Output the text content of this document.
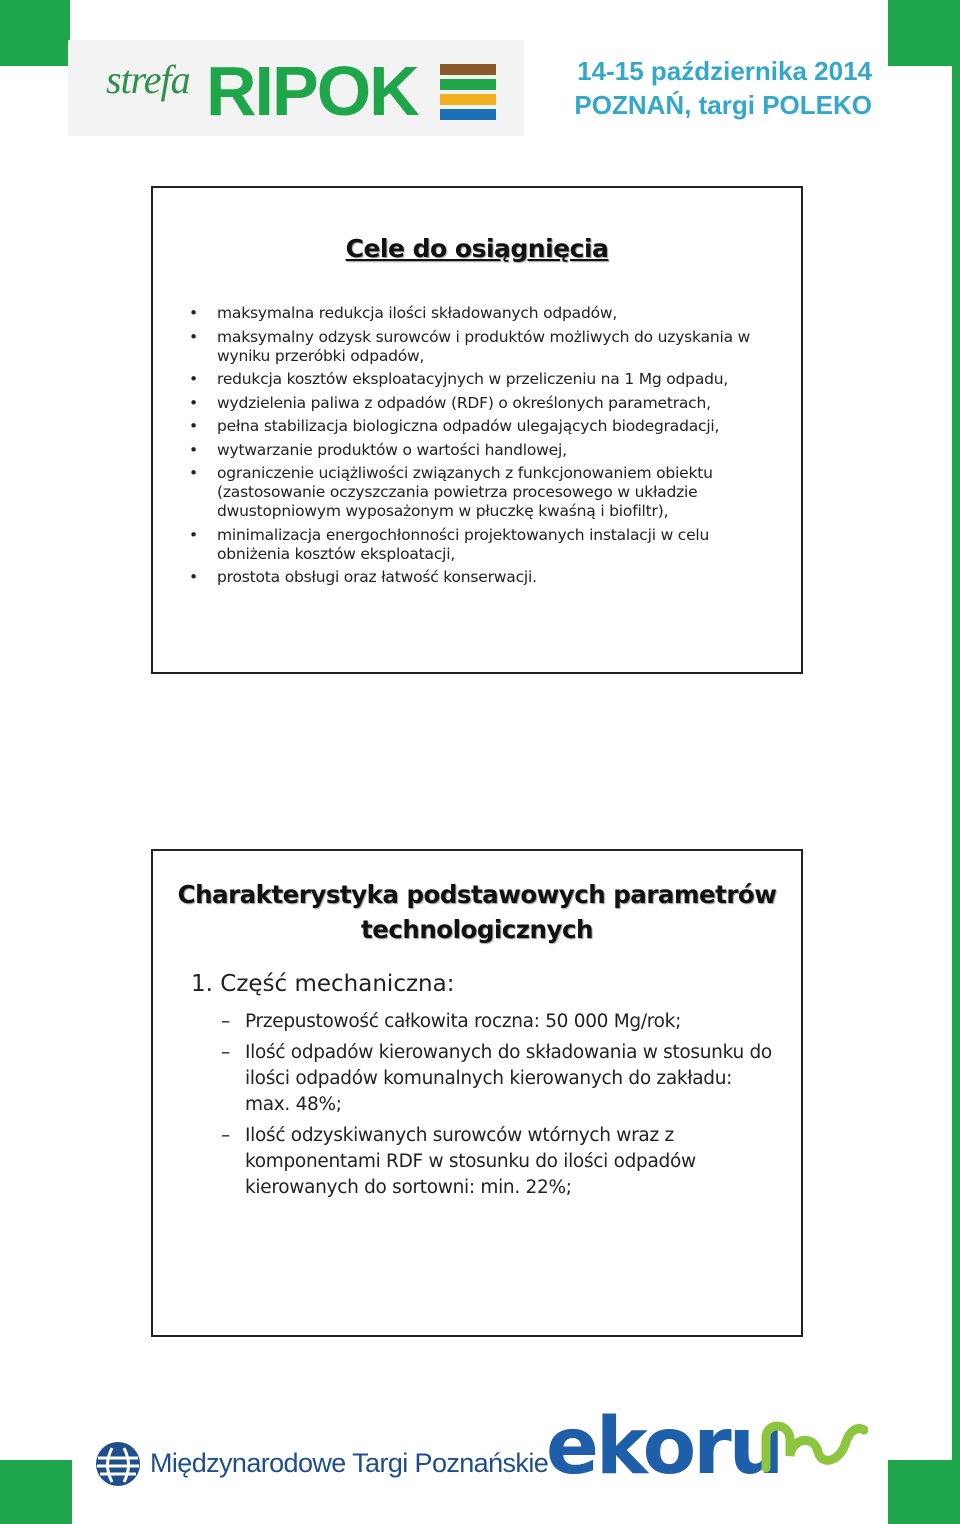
strefa RIPOK	14-15 października 2014
POZNAŃ, targi POLEKO
Cele do osiągnięcia
• maksymalna redukcja ilości składowanych odpadów,
• maksymalny odzysk surowców i produktów możliwych do uzyskania w wyniku przeróbki odpadów,
• redukcja kosztów eksploatacyjnych w przeliczeniu na 1 Mg odpadu,
• wydzielenia paliwa z odpadów (RDF) o określonych parametrach,
• pełna stabilizacja biologiczna odpadów ulegających biodegradacji,
• wytwarzanie produktów o wartości handlowej,
• ograniczenie uciążliwości związanych z funkcjonowaniem obiektu (zastosowanie oczyszczania powietrza procesowego w układzie dwustopniowym wyposażonym w płuczkę kwaśną i biofiltr),
• minimalizacja energochłonności projektowanych instalacji w celu obniżenia kosztów eksploatacji,
• prostota obsługi oraz łatwość konserwacji.
Charakterystyka podstawowych parametrów technologicznych
1. Część mechaniczna:
– Przepustowość całkowita roczna: 50 000 Mg/rok;
– Ilość odpadów kierowanych do składowania w stosunku do ilości odpadów komunalnych kierowanych do zakładu: max. 48%;
– Ilość odzyskiwanych surowców wtórnych wraz z komponentami RDF w stosunku do ilości odpadów kierowanych do sortowni: min. 22%;
Międzynarodowe Targi Poznańskie
ekoru
